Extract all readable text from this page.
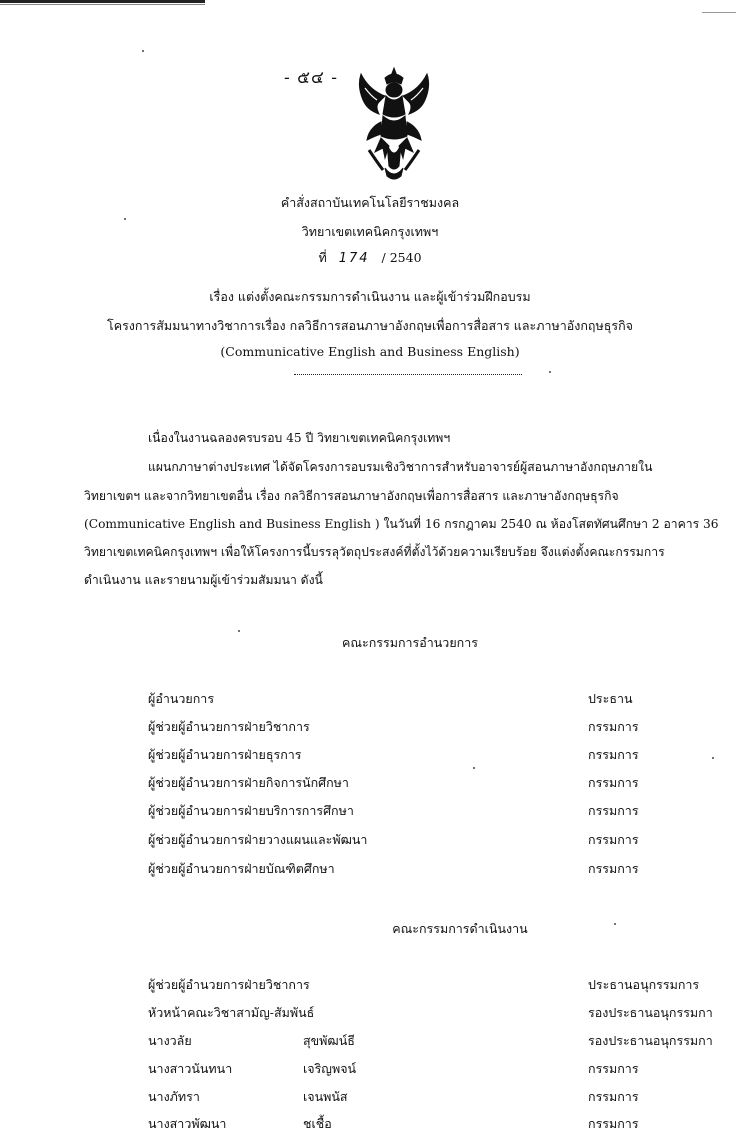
- ๕๔ -
คำสั่งสถาบันเทคโนโลยีราชมงคล
วิทยาเขตเทคนิคกรุงเทพฯ
ที่ 174 / 2540
เรื่อง แต่งตั้งคณะกรรมการดำเนินงาน และผู้เข้าร่วมฝึกอบรม
โครงการสัมมนาทางวิชาการเรื่อง กลวิธีการสอนภาษาอังกฤษเพื่อการสื่อสาร และภาษาอังกฤษธุรกิจ
(Communicative English and Business English)
เนื่องในงานฉลองครบรอบ 45 ปี วิทยาเขตเทคนิคกรุงเทพฯ
แผนกภาษาต่างประเทศ ได้จัดโครงการอบรมเชิงวิชาการสำหรับอาจารย์ผู้สอนภาษาอังกฤษภายใน
วิทยาเขตฯ และจากวิทยาเขตอื่น เรื่อง กลวิธีการสอนภาษาอังกฤษเพื่อการสื่อสาร และภาษาอังกฤษธุรกิจ
(Communicative English and Business English ) ในวันที่ 16 กรกฎาคม 2540 ณ ห้องโสตทัศนศึกษา 2 อาคาร 36
วิทยาเขตเทคนิคกรุงเทพฯ เพื่อให้โครงการนี้บรรลุวัตถุประสงค์ที่ตั้งไว้ด้วยความเรียบร้อย จึงแต่งตั้งคณะกรรมการ
ดำเนินงาน และรายนามผู้เข้าร่วมสัมมนา ดังนี้
คณะกรรมการอำนวยการ
ผู้อำนวยการ	ประธาน
ผู้ช่วยผู้อำนวยการฝ่ายวิชาการ	กรรมการ
ผู้ช่วยผู้อำนวยการฝ่ายธุรการ	กรรมการ
ผู้ช่วยผู้อำนวยการฝ่ายกิจการนักศึกษา	กรรมการ
ผู้ช่วยผู้อำนวยการฝ่ายบริการการศึกษา	กรรมการ
ผู้ช่วยผู้อำนวยการฝ่ายวางแผนและพัฒนา	กรรมการ
ผู้ช่วยผู้อำนวยการฝ่ายบัณฑิตศึกษา	กรรมการ
คณะกรรมการดำเนินงาน
ผู้ช่วยผู้อำนวยการฝ่ายวิชาการ	ประธานอนุกรรมการ
หัวหน้าคณะวิชาสามัญ-สัมพันธ์	รองประธานอนุกรรมกา
นางวลัย	สุขพัฒน์ธี	รองประธานอนุกรรมกา
นางสาวนันทนา	เจริญพจน์	กรรมการ
นางภัทรา	เจนพนัส	กรรมการ
นางสาวพัฒนา	ชเชื้อ	กรรมการ
